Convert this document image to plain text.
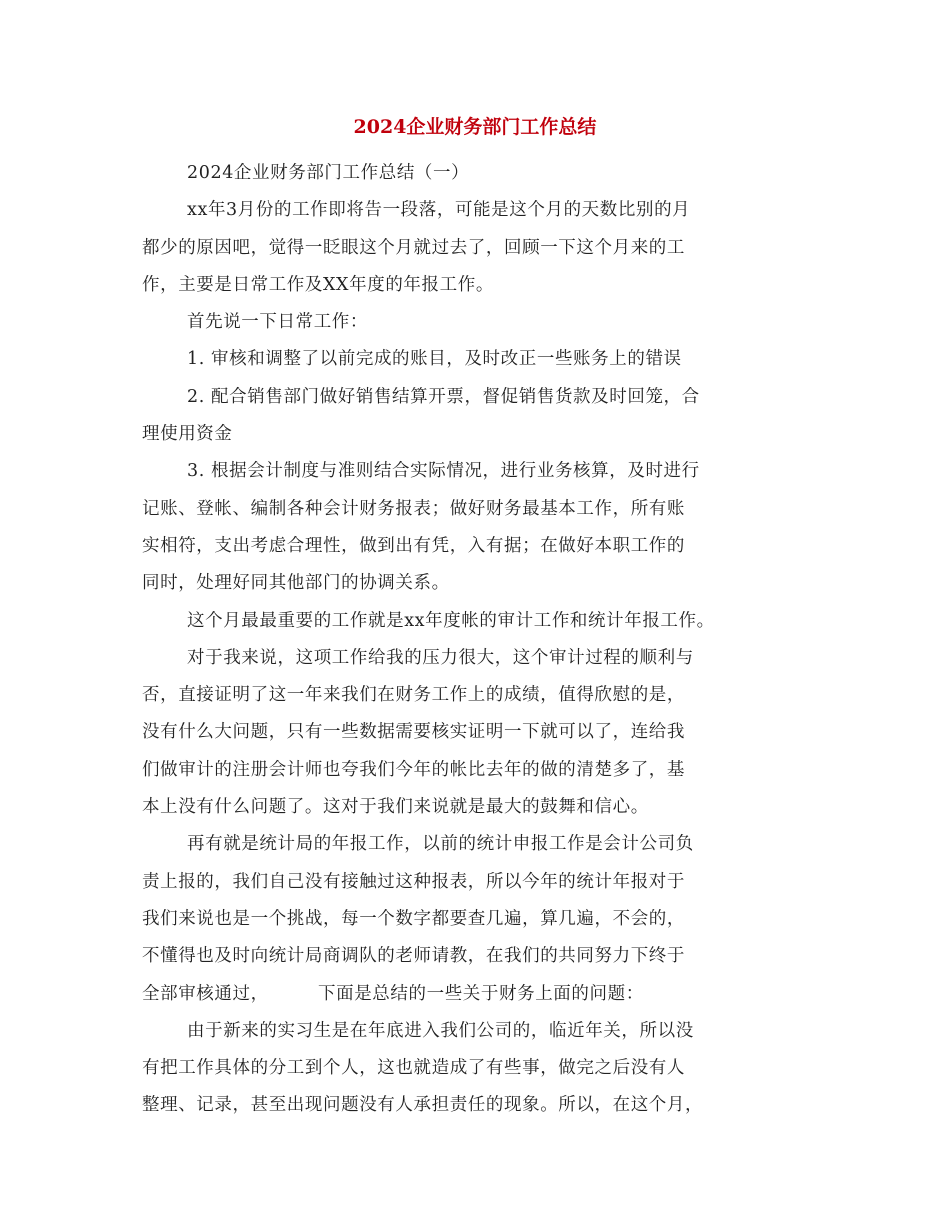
2024企业财务部门工作总结
2024企业财务部门工作总结（一）
xx年3月份的工作即将告一段落，可能是这个月的天数比别的月
都少的原因吧，觉得一眨眼这个月就过去了，回顾一下这个月来的工
作，主要是日常工作及XX年度的年报工作。
首先说一下日常工作：
1. 审核和调整了以前完成的账目，及时改正一些账务上的错误
2. 配合销售部门做好销售结算开票，督促销售货款及时回笼，合
理使用资金
3. 根据会计制度与准则结合实际情况，进行业务核算，及时进行
记账、登帐、编制各种会计财务报表；做好财务最基本工作，所有账
实相符，支出考虑合理性，做到出有凭，入有据；在做好本职工作的
同时，处理好同其他部门的协调关系。
这个月最最重要的工作就是xx年度帐的审计工作和统计年报工作。
对于我来说，这项工作给我的压力很大，这个审计过程的顺利与
否，直接证明了这一年来我们在财务工作上的成绩，值得欣慰的是，
没有什么大问题，只有一些数据需要核实证明一下就可以了，连给我
们做审计的注册会计师也夸我们今年的帐比去年的做的清楚多了，基
本上没有什么问题了。这对于我们来说就是最大的鼓舞和信心。
再有就是统计局的年报工作，以前的统计申报工作是会计公司负
责上报的，我们自己没有接触过这种报表，所以今年的统计年报对于
我们来说也是一个挑战，每一个数字都要查几遍，算几遍，不会的，
不懂得也及时向统计局商调队的老师请教，在我们的共同努力下终于
全部审核通过，        下面是总结的一些关于财务上面的问题：
由于新来的实习生是在年底进入我们公司的，临近年关，所以没
有把工作具体的分工到个人，这也就造成了有些事，做完之后没有人
整理、记录，甚至出现问题没有人承担责任的现象。所以，在这个月，
